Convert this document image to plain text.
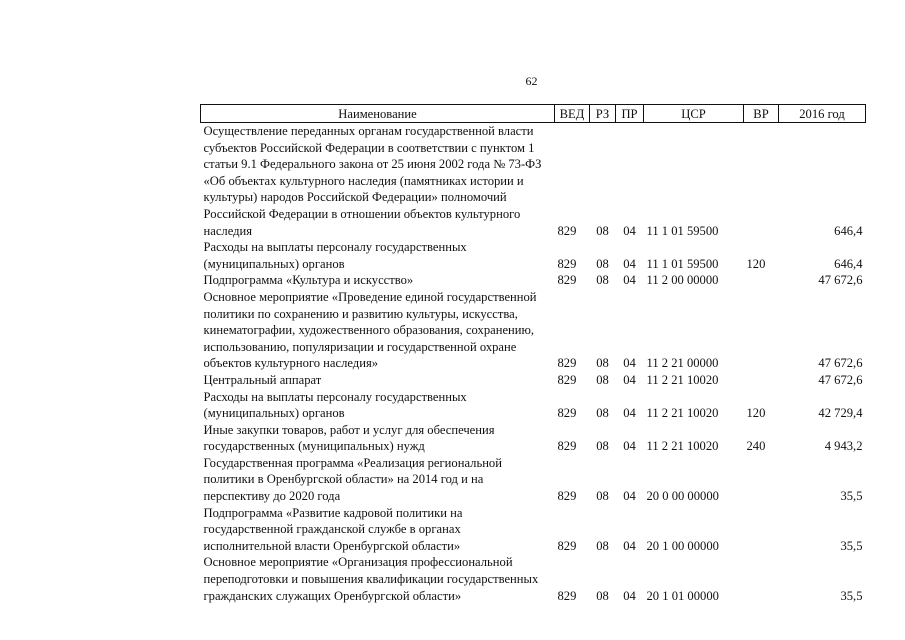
62
Наименование	ВЕД	РЗ	ПР	ЦСР	ВР	2016 год
Осуществление переданных органам государственной власти субъектов Российской Федерации в соответствии с пунктом 1 статьи 9.1 Федерального закона от 25 июня 2002 года № 73-ФЗ «Об объектах культурного наследия (памятниках истории и культуры) народов Российской Федерации» полномочий Российской Федерации в отношении объектов культурного наследия	829	08	04	11 1 01 59500		646,4
Расходы на выплаты персоналу государственных (муниципальных) органов	829	08	04	11 1 01 59500	120	646,4
Подпрограмма «Культура и искусство»	829	08	04	11 2 00 00000		47 672,6
Основное мероприятие «Проведение единой государственной политики по сохранению и развитию культуры, искусства, кинематографии, художественного образования, сохранению, использованию, популяризации и государственной охране объектов культурного наследия»	829	08	04	11 2 21 00000		47 672,6
Центральный аппарат	829	08	04	11 2 21 10020		47 672,6
Расходы на выплаты персоналу государственных (муниципальных) органов	829	08	04	11 2 21 10020	120	42 729,4
Иные закупки товаров, работ и услуг для обеспечения государственных (муниципальных) нужд	829	08	04	11 2 21 10020	240	4 943,2
Государственная программа «Реализация региональной политики в Оренбургской области» на 2014 год и на перспективу до 2020 года	829	08	04	20 0 00 00000		35,5
Подпрограмма «Развитие кадровой политики на государственной гражданской службе в органах исполнительной власти Оренбургской области»	829	08	04	20 1 00 00000		35,5
Основное мероприятие «Организация профессиональной переподготовки и повышения квалификации государственных гражданских служащих Оренбургской области»	829	08	04	20 1 01 00000		35,5
